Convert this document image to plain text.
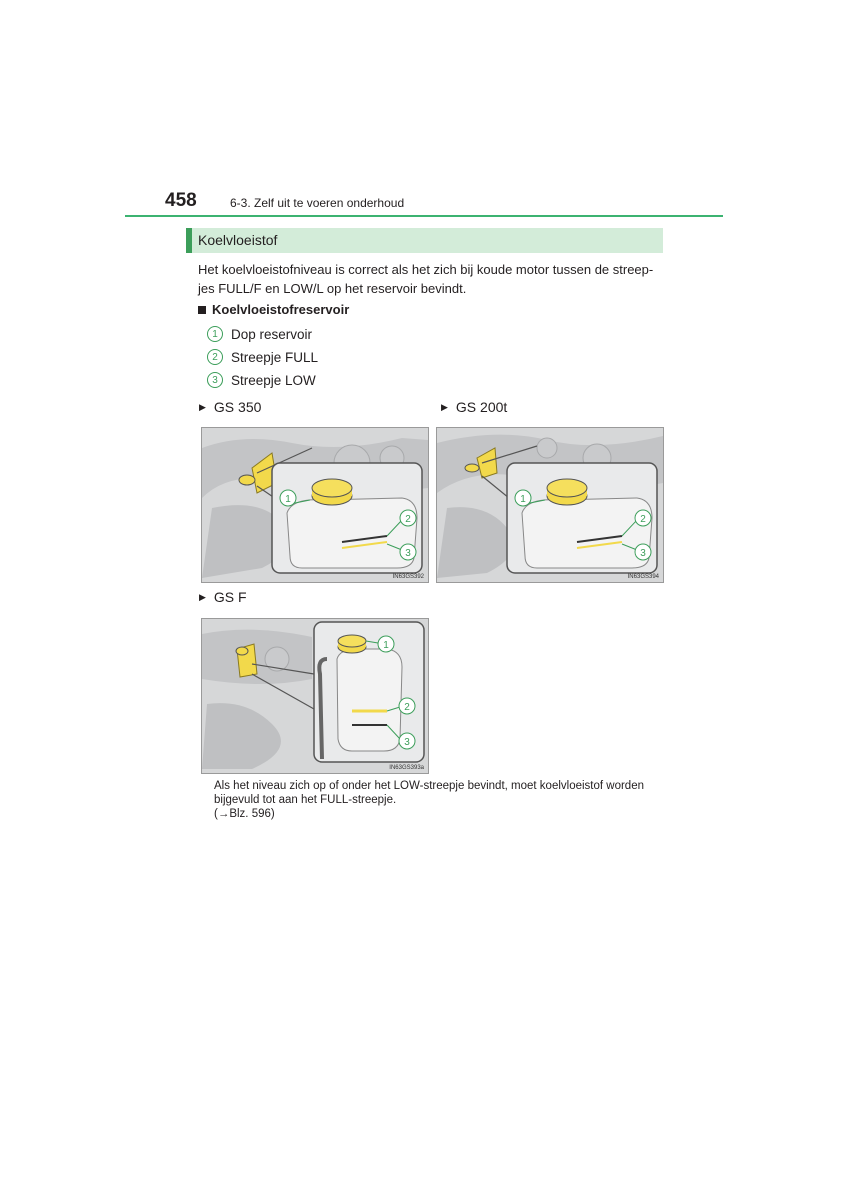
458	6-3. Zelf uit te voeren onderhoud
Koelvloeistof
Het koelvloeistofniveau is correct als het zich bij koude motor tussen de streep-
jes FULL/F en LOW/L op het reservoir bevindt.
Koelvloeistofreservoir
1 Dop reservoir
2 Streepje FULL
3 Streepje LOW
▶ GS 350	▶ GS 200t
▶ GS F
1
2
3
IN63GS392
1
2
3
IN63GS394
1
2
3
IN63GS393a
Als het niveau zich op of onder het LOW-streepje bevindt, moet koelvloeistof worden
bijgevuld tot aan het FULL-streepje.
(→Blz. 596)
